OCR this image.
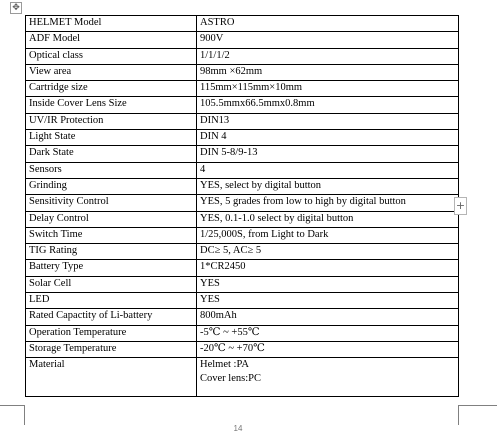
✥
HELMET Model	ASTRO
ADF Model	900V
Optical class	1/1/1/2
View area	98mm ×62mm
Cartridge size	115mm×115mm×10mm
Inside Cover Lens Size	105.5mmx66.5mmx0.8mm
UV/IR Protection	DIN13
Light State	DIN 4
Dark State	DIN 5-8/9-13
Sensors	4
Grinding	YES, select by digital button
Sensitivity Control	YES, 5 grades from low to high by digital button
Delay Control	YES, 0.1-1.0 select by digital button
Switch Time	1/25,000S, from Light to Dark
TIG Rating	DC≥ 5, AC≥ 5
Battery Type	1*CR2450
Solar Cell	YES
LED	YES
Rated Capactity of Li-battery	800mAh
Operation Temperature	-5℃ ~ +55℃
Storage Temperature	-20℃ ~ +70℃
Material	Helmet :PA
Cover lens:PC
+
14
